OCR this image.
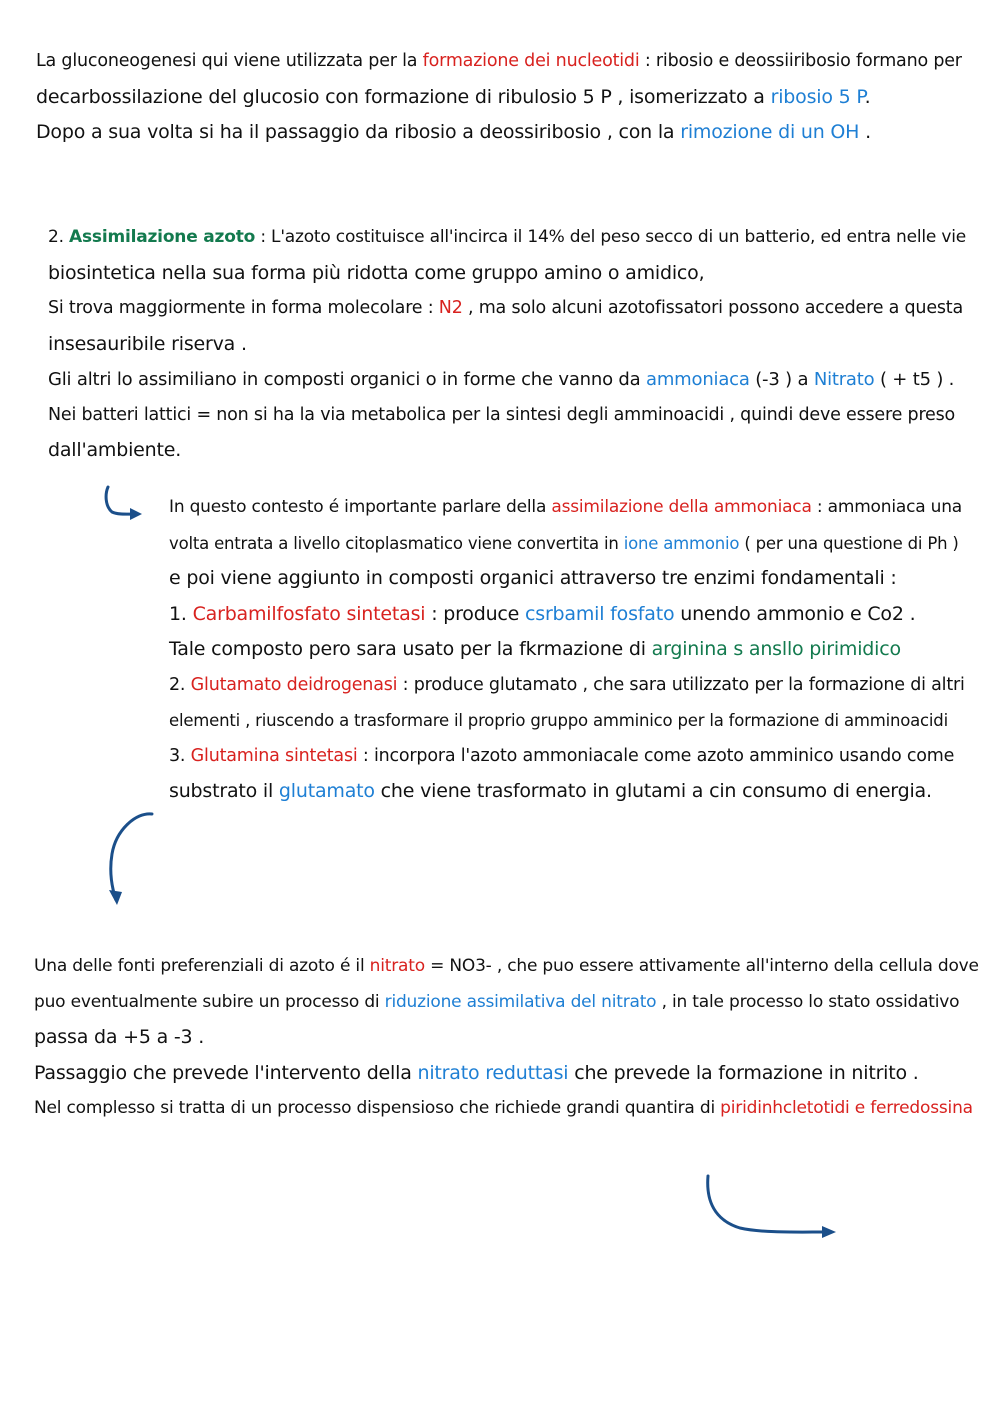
La gluconeogenesi qui viene utilizzata per la formazione dei nucleotidi : ribosio e deossiiribosio formano per
decarbossilazione del glucosio con formazione di ribulosio 5 P , isomerizzato a ribosio 5 P.
Dopo a sua volta si ha il passaggio da ribosio a deossiribosio , con la rimozione di un OH .
2. Assimilazione azoto : L'azoto costituisce all'incirca il 14% del peso secco di un batterio, ed entra nelle vie
biosintetica nella sua forma più ridotta come gruppo amino o amidico,
Si trova maggiormente in forma molecolare : N2 , ma solo alcuni azotofissatori possono accedere a questa
insesauribile riserva .
Gli altri lo assimiliano in composti organici o in forme che vanno da ammoniaca (-3 ) a Nitrato ( + t5 ) .
Nei batteri lattici = non si ha la via metabolica per la sintesi degli amminoacidi , quindi deve essere preso
dall'ambiente.
In questo contesto é importante parlare della assimilazione della ammoniaca : ammoniaca una
volta entrata a livello citoplasmatico viene convertita in ione ammonio ( per una questione di Ph )
e poi viene aggiunto in composti organici attraverso tre enzimi fondamentali :
1. Carbamilfosfato sintetasi : produce csrbamil fosfato unendo ammonio e Co2 .
Tale composto pero sara usato per la fkrmazione di arginina s ansllo pirimidico
2. Glutamato deidrogenasi : produce glutamato , che sara utilizzato per la formazione di altri
elementi , riuscendo a trasformare il proprio gruppo amminico per la formazione di amminoacidi
3. Glutamina sintetasi : incorpora l'azoto ammoniacale come azoto amminico usando come
substrato il glutamato che viene trasformato in glutami a cin consumo di energia.
Una delle fonti preferenziali di azoto é il nitrato = NO3- , che puo essere attivamente all'interno della cellula dove
puo eventualmente subire un processo di riduzione assimilativa del nitrato , in tale processo lo stato ossidativo
passa da +5 a -3 .
Passaggio che prevede l'intervento della nitrato reduttasi che prevede la formazione in nitrito .
Nel complesso si tratta di un processo dispensioso che richiede grandi quantira di piridinhcletotidi e ferredossina
